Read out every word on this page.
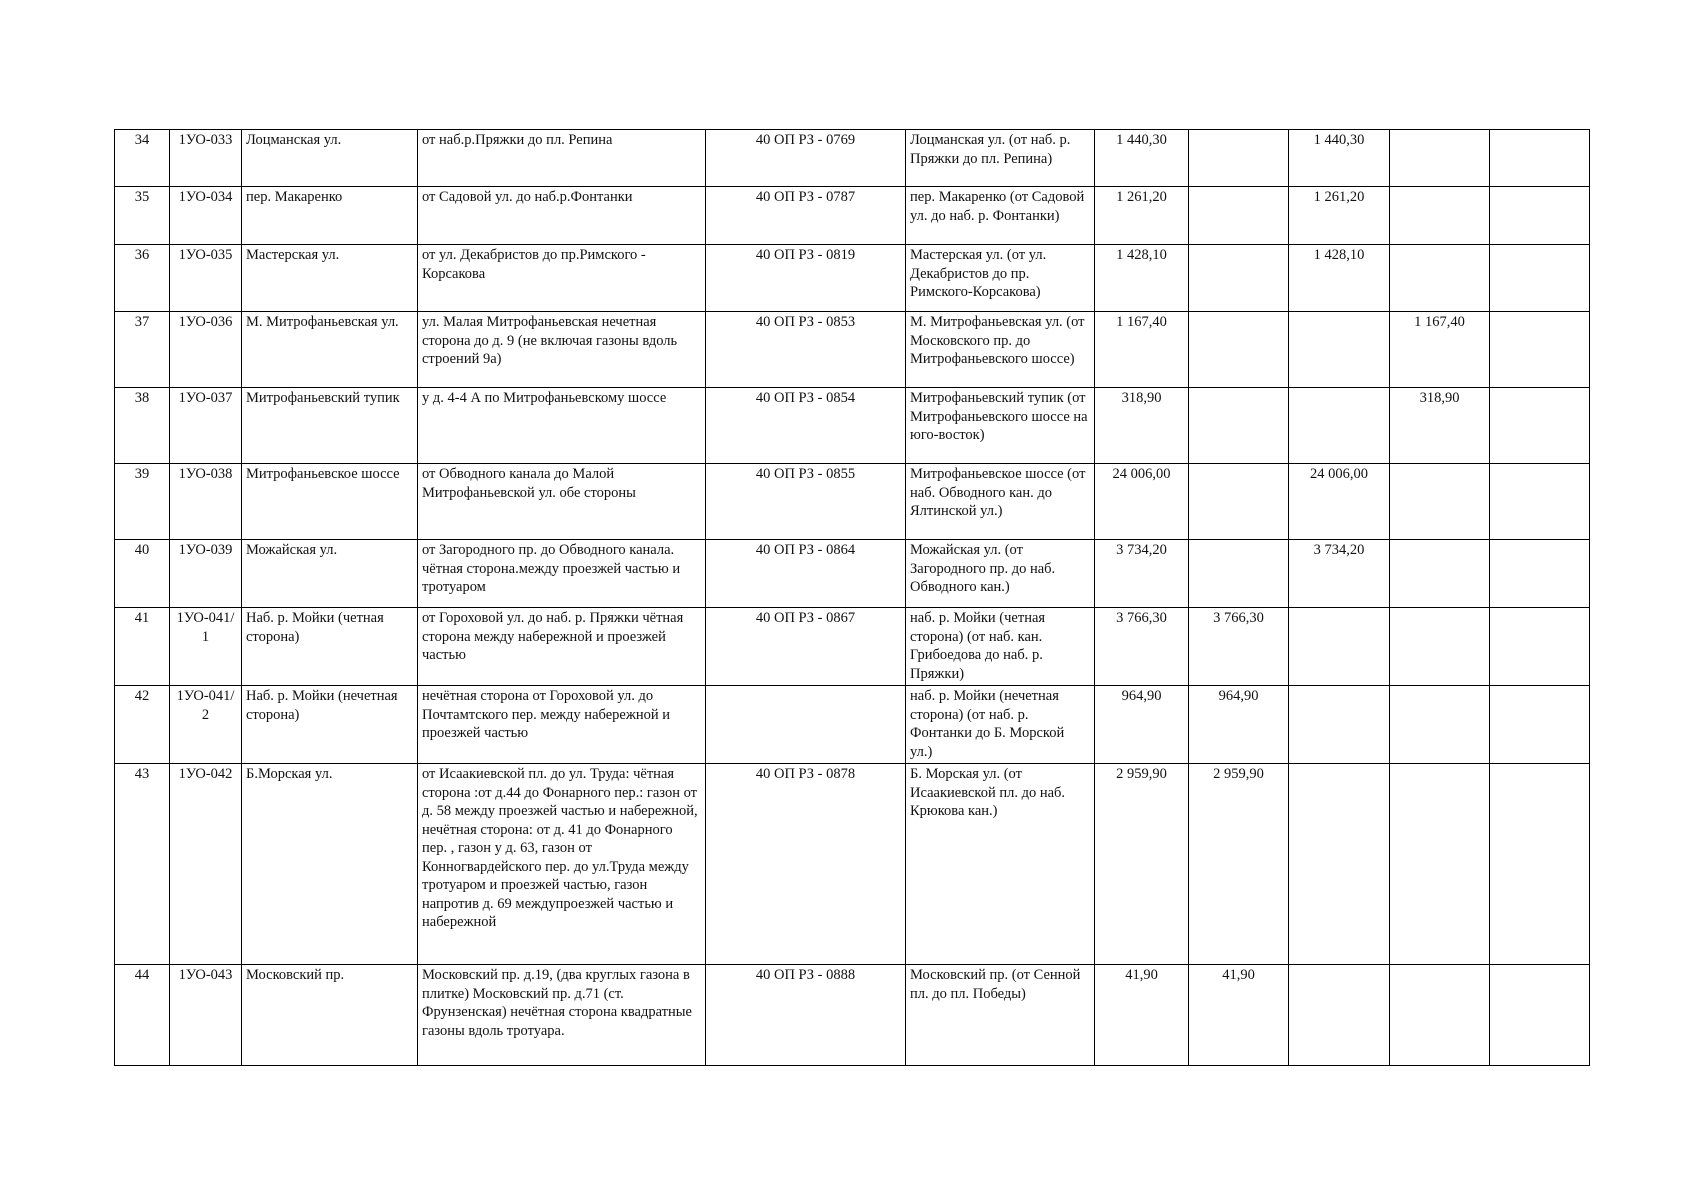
34	1УО-033	Лоцманская ул.	от наб.р.Пряжки до пл. Репина	40 ОП РЗ - 0769	Лоцманская ул. (от наб. р. Пряжки до пл. Репина)	1 440,30		1 440,30		
35	1УО-034	пер. Макаренко	от Садовой ул. до наб.р.Фонтанки	40 ОП РЗ - 0787	пер. Макаренко (от Садовой ул. до наб. р. Фонтанки)	1 261,20		1 261,20		
36	1УО-035	Мастерская ул.	от ул. Декабристов до пр.Римского - Корсакова	40 ОП РЗ - 0819	Мастерская ул. (от ул. Декабристов до пр. Римского-Корсакова)	1 428,10		1 428,10		
37	1УО-036	М. Митрофаньевская ул.	ул. Малая Митрофаньевская нечетная сторона до д. 9 (не включая газоны вдоль строений 9а)	40 ОП РЗ - 0853	М. Митрофаньевская ул. (от Московского пр. до Митрофаньевского шоссе)	1 167,40			1 167,40	
38	1УО-037	Митрофаньевский тупик	у д. 4-4 А по Митрофаньевскому шоссе	40 ОП РЗ - 0854	Митрофаньевский тупик (от Митрофаньевского шоссе на юго-восток)	318,90			318,90	
39	1УО-038	Митрофаньевское шоссе	от Обводного канала до Малой Митрофаньевской ул. обе стороны	40 ОП РЗ - 0855	Митрофаньевское шоссе (от наб. Обводного кан. до Ялтинской ул.)	24 006,00		24 006,00		
40	1УО-039	Можайская ул.	от Загородного пр. до Обводного канала. чётная сторона.между проезжей частью и тротуаром	40 ОП РЗ - 0864	Можайская ул. (от Загородного пр. до наб. Обводного кан.)	3 734,20		3 734,20		
41	1УО-041/1	Наб. р. Мойки (четная сторона)	от Гороховой ул. до наб. р. Пряжки чётная сторона между набережной и проезжей частью	40 ОП РЗ - 0867	наб. р. Мойки (четная сторона) (от наб. кан. Грибоедова до наб. р. Пряжки)	3 766,30	3 766,30			
42	1УО-041/2	Наб. р. Мойки (нечетная сторона)	нечётная сторона от Гороховой ул. до Почтамтского пер. между набережной и проезжей частью		наб. р. Мойки (нечетная сторона) (от наб. р. Фонтанки до Б. Морской ул.)	964,90	964,90			
43	1УО-042	Б.Морская ул.	от Исаакиевской пл. до ул. Труда: чётная сторона :от д.44 до Фонарного пер.: газон от д. 58 между проезжей частью и набережной, нечётная сторона: от д. 41 до Фонарного пер. , газон у д. 63, газон от Конногвардейского пер. до ул.Труда между тротуаром и проезжей частью, газон напротив д. 69 междупроезжей частью и набережной	40 ОП РЗ - 0878	Б. Морская ул. (от Исаакиевской пл. до наб. Крюкова кан.)	2 959,90	2 959,90			
44	1УО-043	Московский пр.	Московский пр. д.19, (два круглых газона в плитке) Московский пр. д.71 (ст. Фрунзенская) нечётная сторона квадратные газоны вдоль тротуара.	40 ОП РЗ - 0888	Московский пр. (от Сенной пл. до пл. Победы)	41,90	41,90			
